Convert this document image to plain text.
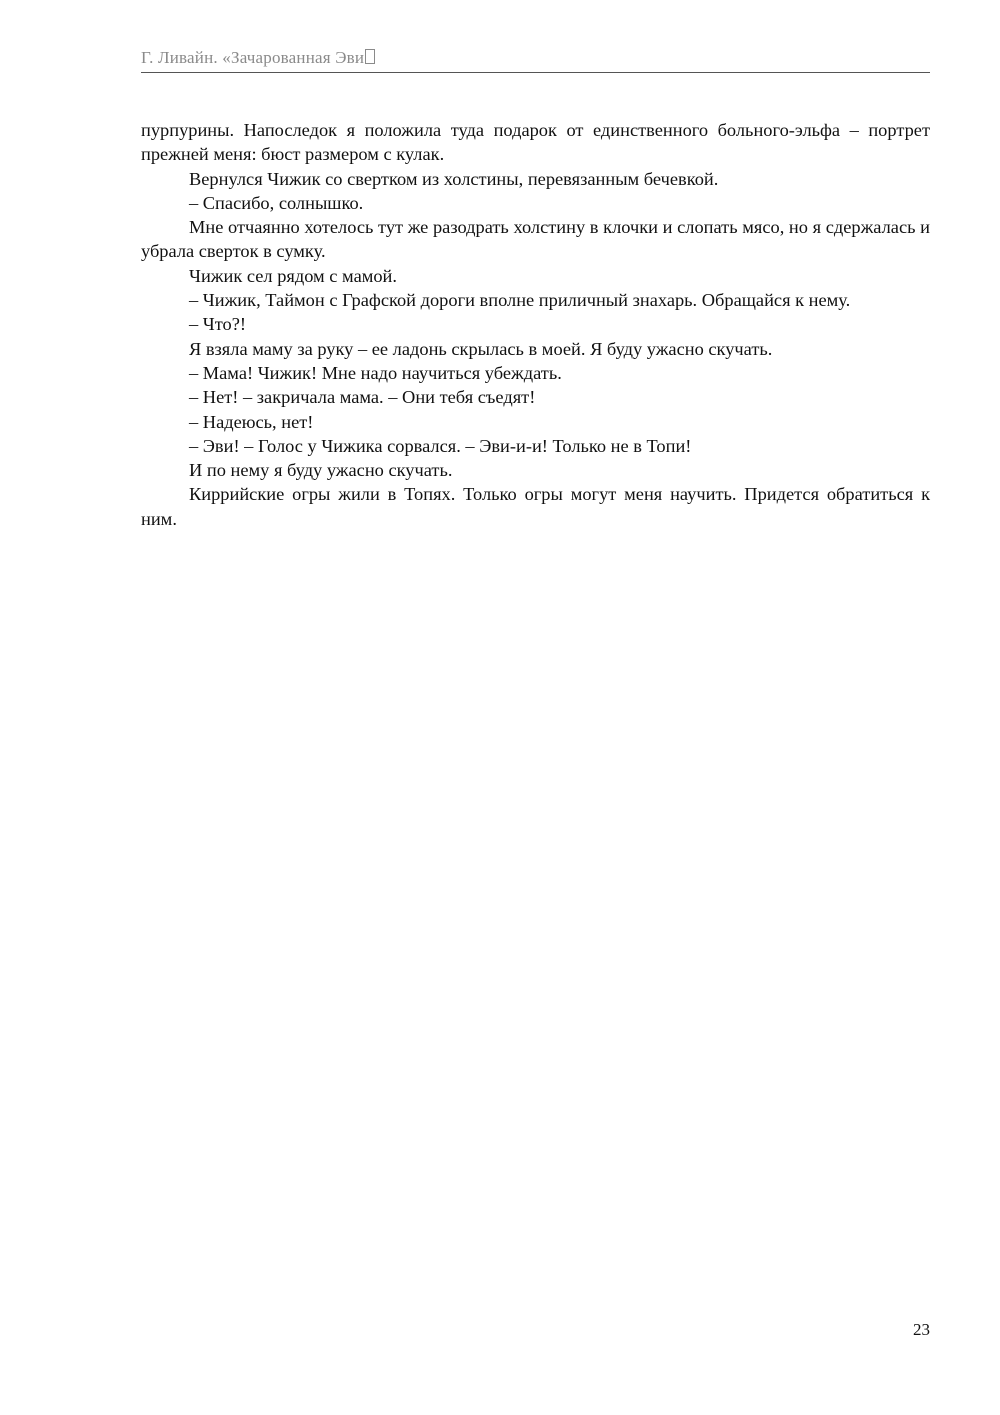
Г. Ливайн. «Зачарованная Эви

пурпурины. Напоследок я положила туда подарок от единственного больного-эльфа – портрет прежней меня: бюст размером с кулак.

Вернулся Чижик со свертком из холстины, перевязанным бечевкой.

– Спасибо, солнышко.

Мне отчаянно хотелось тут же разодрать холстину в клочки и слопать мясо, но я сдержалась и убрала сверток в сумку.

Чижик сел рядом с мамой.

– Чижик, Таймон с Графской дороги вполне приличный знахарь. Обращайся к нему.

– Что?!

Я взяла маму за руку – ее ладонь скрылась в моей. Я буду ужасно скучать.

– Мама! Чижик! Мне надо научиться убеждать.

– Нет! – закричала мама. – Они тебя съедят!

– Надеюсь, нет!

– Эви! – Голос у Чижика сорвался. – Эви-и-и! Только не в Топи!

И по нему я буду ужасно скучать.

Киррийские огры жили в Топях. Только огры могут меня научить. Придется обратиться к ним.

23
